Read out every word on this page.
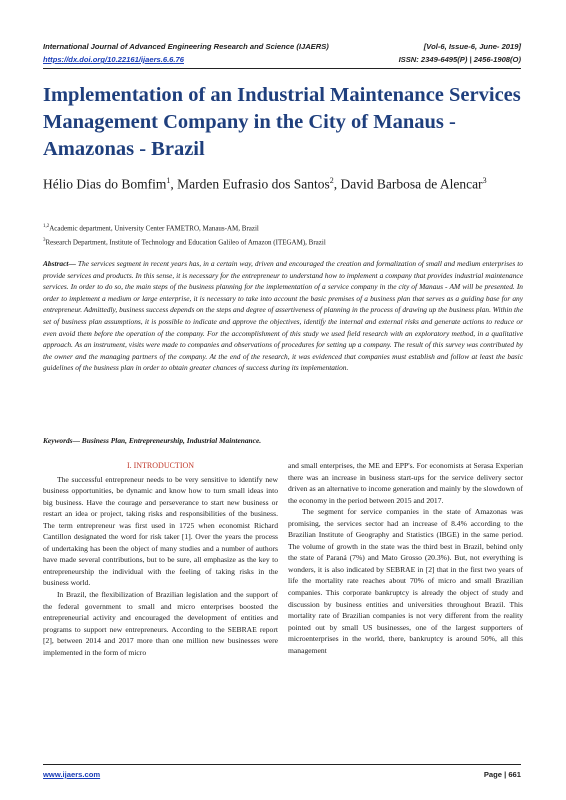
International Journal of Advanced Engineering Research and Science (IJAERS)	[Vol-6, Issue-6, June- 2019]
https://dx.doi.org/10.22161/ijaers.6.6.76	ISSN: 2349-6495(P) | 2456-1908(O)
Implementation of an Industrial Maintenance Services Management Company in the City of Manaus - Amazonas - Brazil
Hélio Dias do Bomfim$^1$, Marden Eufrasio dos Santos$^2$, David Barbosa de Alencar$^3$
$^{1,2}$Academic department, University Center FAMETRO, Manaus-AM, Brazil
$^3$Research Department, Institute of Technology and Education Galileo of Amazon (ITEGAM), Brazil
Abstract— The services segment in recent years has, in a certain way, driven and encouraged the creation and formalization of small and medium enterprises to provide services and products. In this sense, it is necessary for the entrepreneur to understand how to implement a company that provides industrial maintenance services. In order to do so, the main steps of the business planning for the implementation of a service company in the city of Manaus - AM will be presented. In order to implement a medium or large enterprise, it is necessary to take into account the basic premises of a business plan that serves as a guiding base for any entrepreneur. Admittedly, business success depends on the steps and degree of assertiveness of planning in the process of drawing up the business plan. Within the set of business plan assumptions, it is possible to indicate and approve the objectives, identify the internal and external risks and generate actions to reduce or even avoid them before the operation of the company. For the accomplishment of this study we used field research with an exploratory method, in a qualitative approach. As an instrument, visits were made to companies and observations of procedures for setting up a company. The result of this survey was contributed by the owner and the managing partners of the company. At the end of the research, it was evidenced that companies must establish and follow at least the basic guidelines of the business plan in order to obtain greater chances of success during its implementation.
Keywords— Business Plan, Entrepreneurship, Industrial Maintenance.
I. INTRODUCTION

The successful entrepreneur needs to be very sensitive to identify new business opportunities, be dynamic and know how to turn small ideas into big business. Have the courage and perseverance to start new business or restart an idea or project, taking risks and responsibilities of the business. The term entrepreneur was first used in 1725 when economist Richard Cantillon designated the word for risk taker [1]. Over the years the process of undertaking has been the object of many studies and a number of authors have made several contributions, but to be sure, all emphasize as the key to entrepreneurship the individual with the feeling of taking risks in the business world.

In Brazil, the flexibilization of Brazilian legislation and the support of the federal government to small and micro enterprises boosted the entrepreneurial activity and encouraged the development of entities and programs to support new entrepreneurs. According to the SEBRAE report [2], between 2014 and 2017 more than one million new businesses were implemented in the form of micro

and small enterprises, the ME and EPP's. For economists at Serasa Experian there was an increase in business start-ups for the service delivery sector driven as an alternative to income generation and mainly by the slowdown of the economy in the period between 2015 and 2017.

The segment for service companies in the state of Amazonas was promising, the services sector had an increase of 8.4% according to the Brazilian Institute of Geography and Statistics (IBGE) in the same period. The volume of growth in the state was the third best in Brazil, behind only the state of Paraná (7%) and Mato Grosso (20.3%). But, not everything is wonders, it is also indicated by SEBRAE in [2] that in the first two years of life the mortality rate reaches about 70% of micro and small Brazilian companies. This corporate bankruptcy is already the object of study and discussion by business entities and universities throughout Brazil. This mortality rate of Brazilian companies is not very different from the reality pointed out by small US businesses, one of the largest supporters of microenterprises in the world, there, bankruptcy is around 50%, all this management

www.ijaers.com	Page | 661
